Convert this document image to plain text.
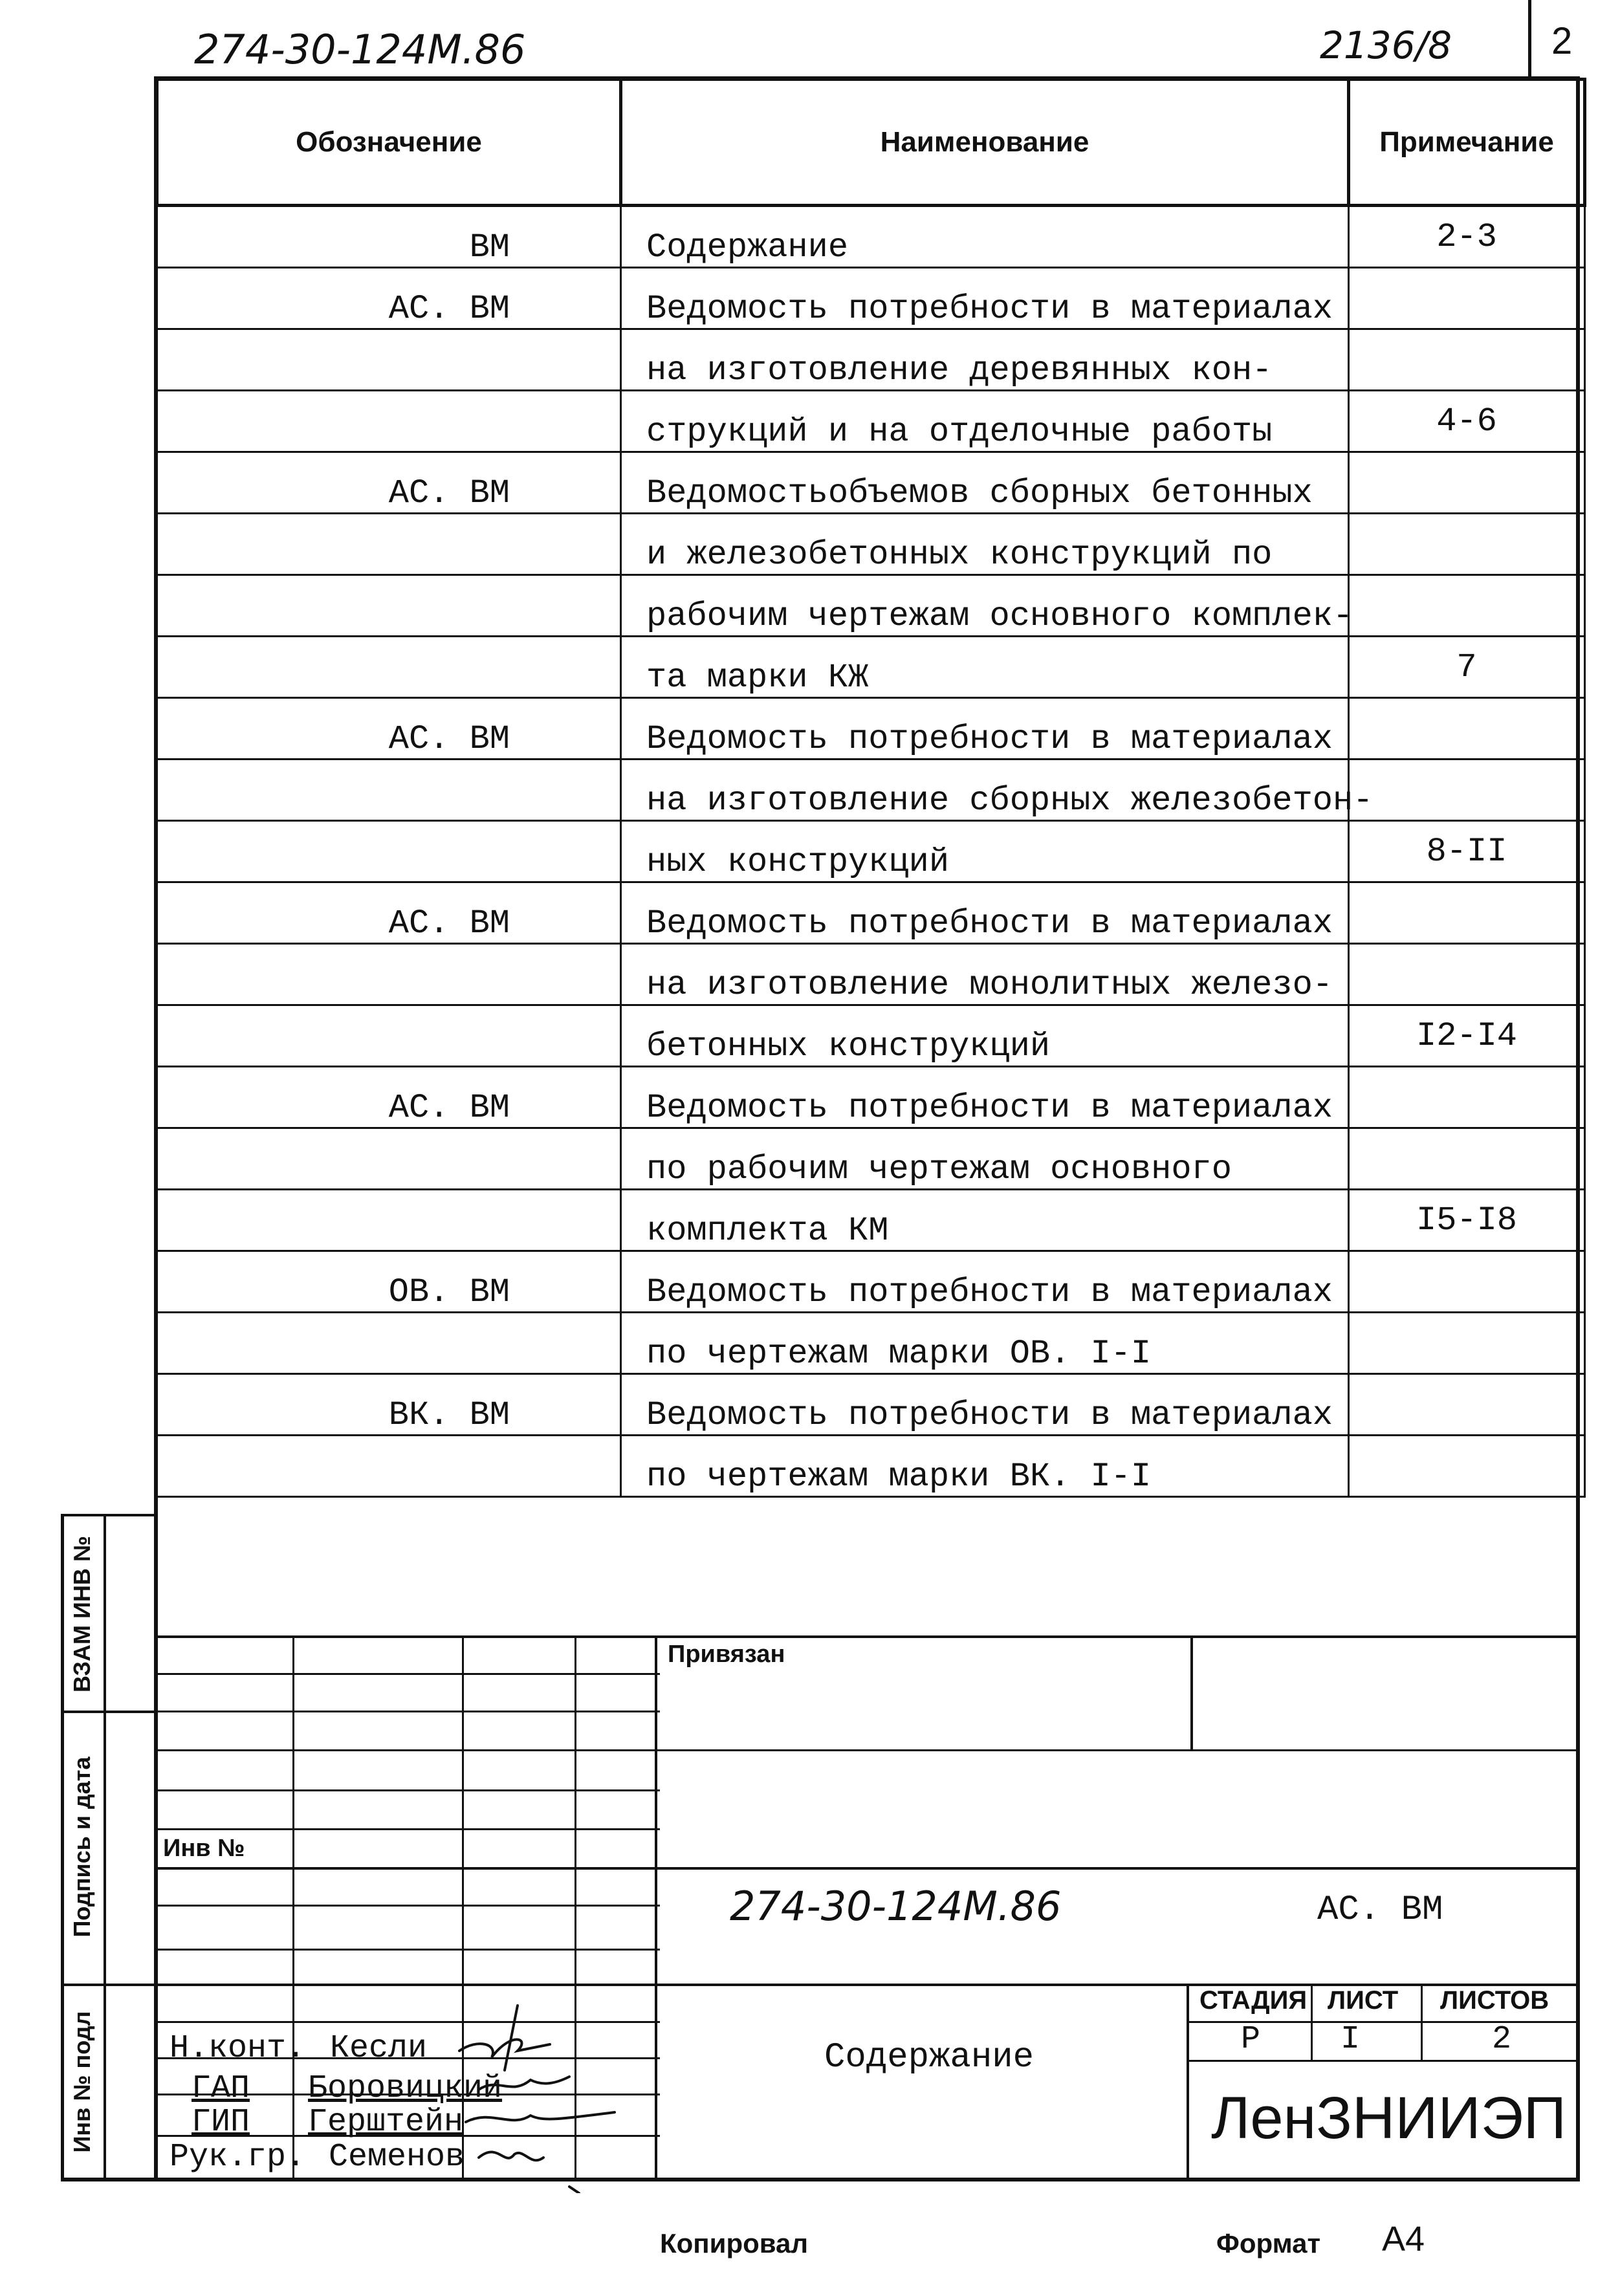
274-30-124М.86	2136/8	2
Обозначение	Наименование	Примечание
ВМ	Содержание	2-3
АС. ВМ	Ведомость потребности в материалах	
	на изготовление деревянных кон-	
	струкций и на отделочные работы	4-6
АС. ВМ	Ведомостьобъемов сборных бетонных	
	и железобетонных конструкций по	
	рабочим чертежам основного комплек-	
	та марки КЖ	7
АС. ВМ	Ведомость потребности в материалах	
	на изготовление сборных железобетон-	
	ных конструкций	8-II
АС. ВМ	Ведомость потребности в материалах	
	на изготовление монолитных железо-	
	бетонных конструкций	I2-I4
АС. ВМ	Ведомость потребности в материалах	
	по рабочим чертежам основного	
	комплекта КМ	I5-I8
ОВ. ВМ	Ведомость потребности в материалах	
	по чертежам марки ОВ. I-I	
ВК. ВМ	Ведомость потребности в материалах	
	по чертежам марки ВК. I-I	
ВЗАМ ИНВ №
Подпись и дата
Инв № подл
Привязан
Инв №
274-30-124М.86	АС. ВМ
Содержание
СТАДИЯ ЛИСТ ЛИСТОВ
Р I	2
ЛенЗНИИЭП
Н.конт. Кесли
ГАП Боровицкий
ГИП Герштейн
Рук.гр. Семенов
Копировал	Формат А4
